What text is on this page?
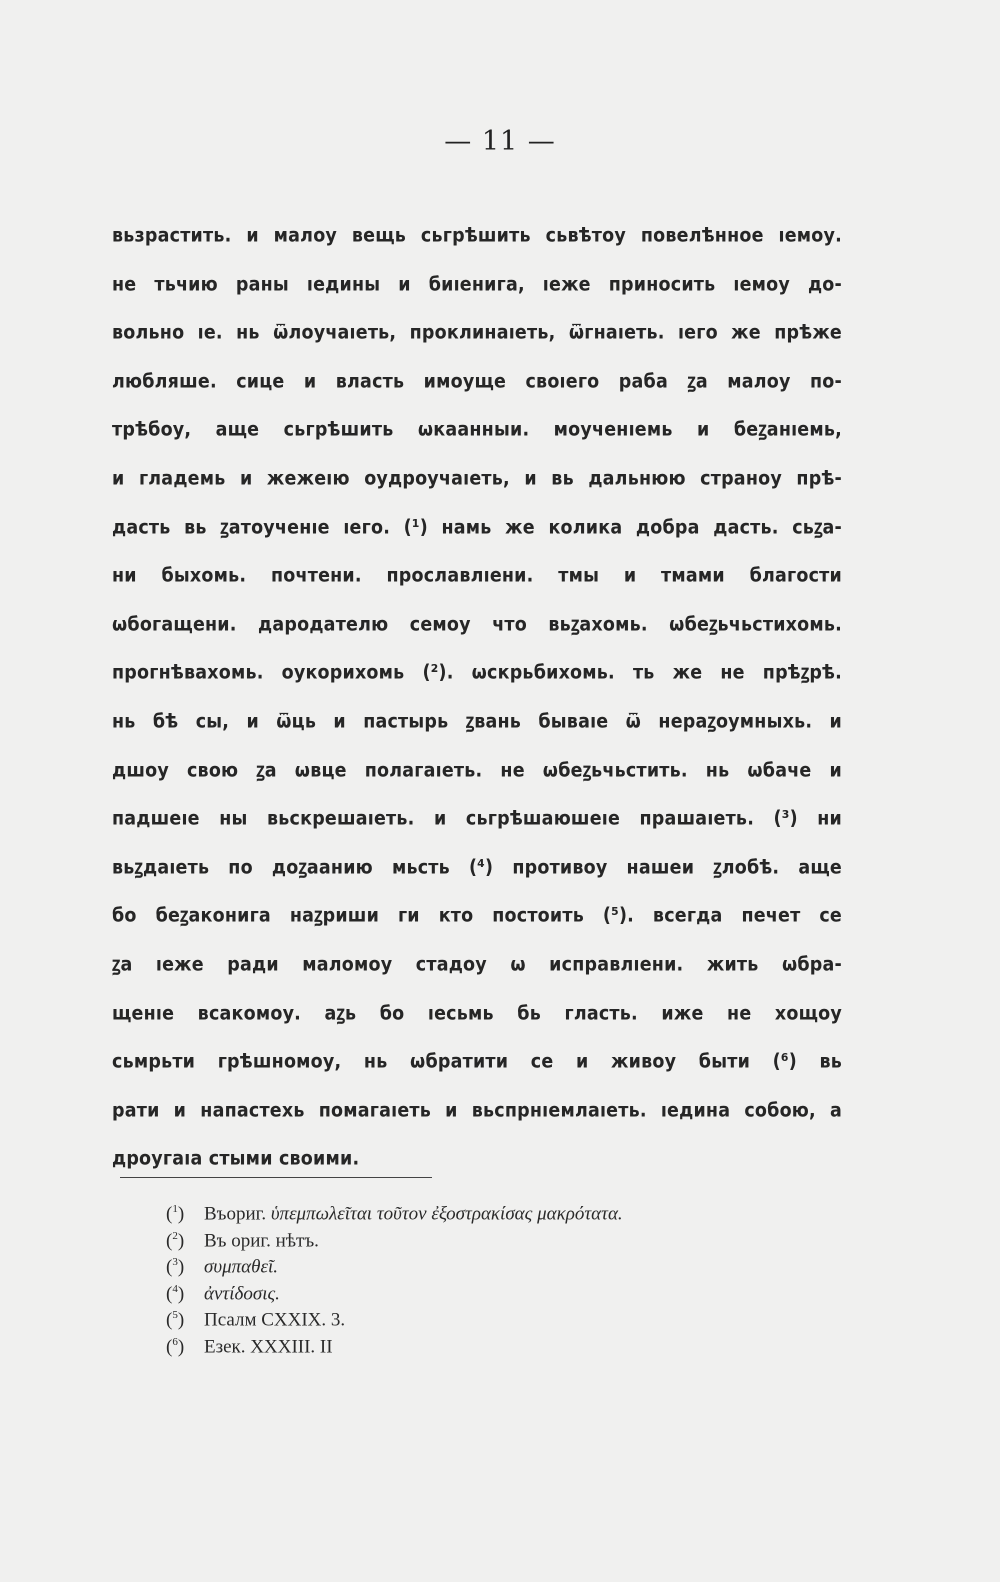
— 11 —
вьзрастить. и малоу вещь сьгрѣшить сьвѣтоу повелѣнное ıемоу.
не тьчию раны ıедины и биıенига, ıеже приносить ıемоу до-
вольно ıе. нь ѿлоучаıеть, проклинаıеть, ѿгнаıеть. ıего же прѣже
любляше. сице и власть имоуще своıего раба ꙁа малоу по-
трѣбоу, аще сьгрѣшить ѡкаанныи. моученıемь и беꙁанıемь,
и гладемь и жежеıю оудроучаıеть, и вь дальнюю страноу прѣ-
дасть вь ꙁатоученıе ıего. (¹) намь же колика добра дасть. сьꙁа-
ни быхомь. почтени. прославлıени. тмы и тмами благости
ѡбогащени. дародателю семоу что вьꙁахомь. ѡбеꙁьчьстихомь.
прогнѣвахомь. оукорихомь (²). ѡскрьбихомь. ть же не прѣꙁрѣ.
нь бѣ сы, и ѿць и пастырь ꙁвань бываıе ѿ нераꙁоумныхь. и
дшоу свою ꙁа ѡвце полагаıеть. не ѡбеꙁьчьстить. нь ѡбаче и
падшеıе ны вьскрешаıеть. и сьгрѣшаюшеıе прашаıеть. (³) ни
вьꙁдаıеть по доꙁаанию мьсть (⁴) противоу нашеи ꙁлобѣ. аще
бо беꙁаконига наꙁриши ги кто постоить (⁵). всегда печет се
ꙁа ıеже ради маломоу стадоу ѡ исправлıени. жить ѡбра-
щенıе всакомоу. аꙁь бо ıесьмь бь гласть. иже не хощоу
сьмрьти грѣшномоу, нь ѡбратити се и живоу быти (⁶) вь
рати и напастехь помагаıеть и вьспрнıемлаıеть. ıедина собою, а
дроугаıа стыми своими.
($^1$) Въориг. ὑπεμπωλεῖται τοῦτον ἐξοστρακίσας μακρότατα.
($^2$) Въ ориг. нѣтъ.
($^3$) συμπαθεῖ.
($^4$) ἀντίδοσις.
($^5$) Псалм CXXIX. 3.
($^6$) Езек. XXXIII. II
